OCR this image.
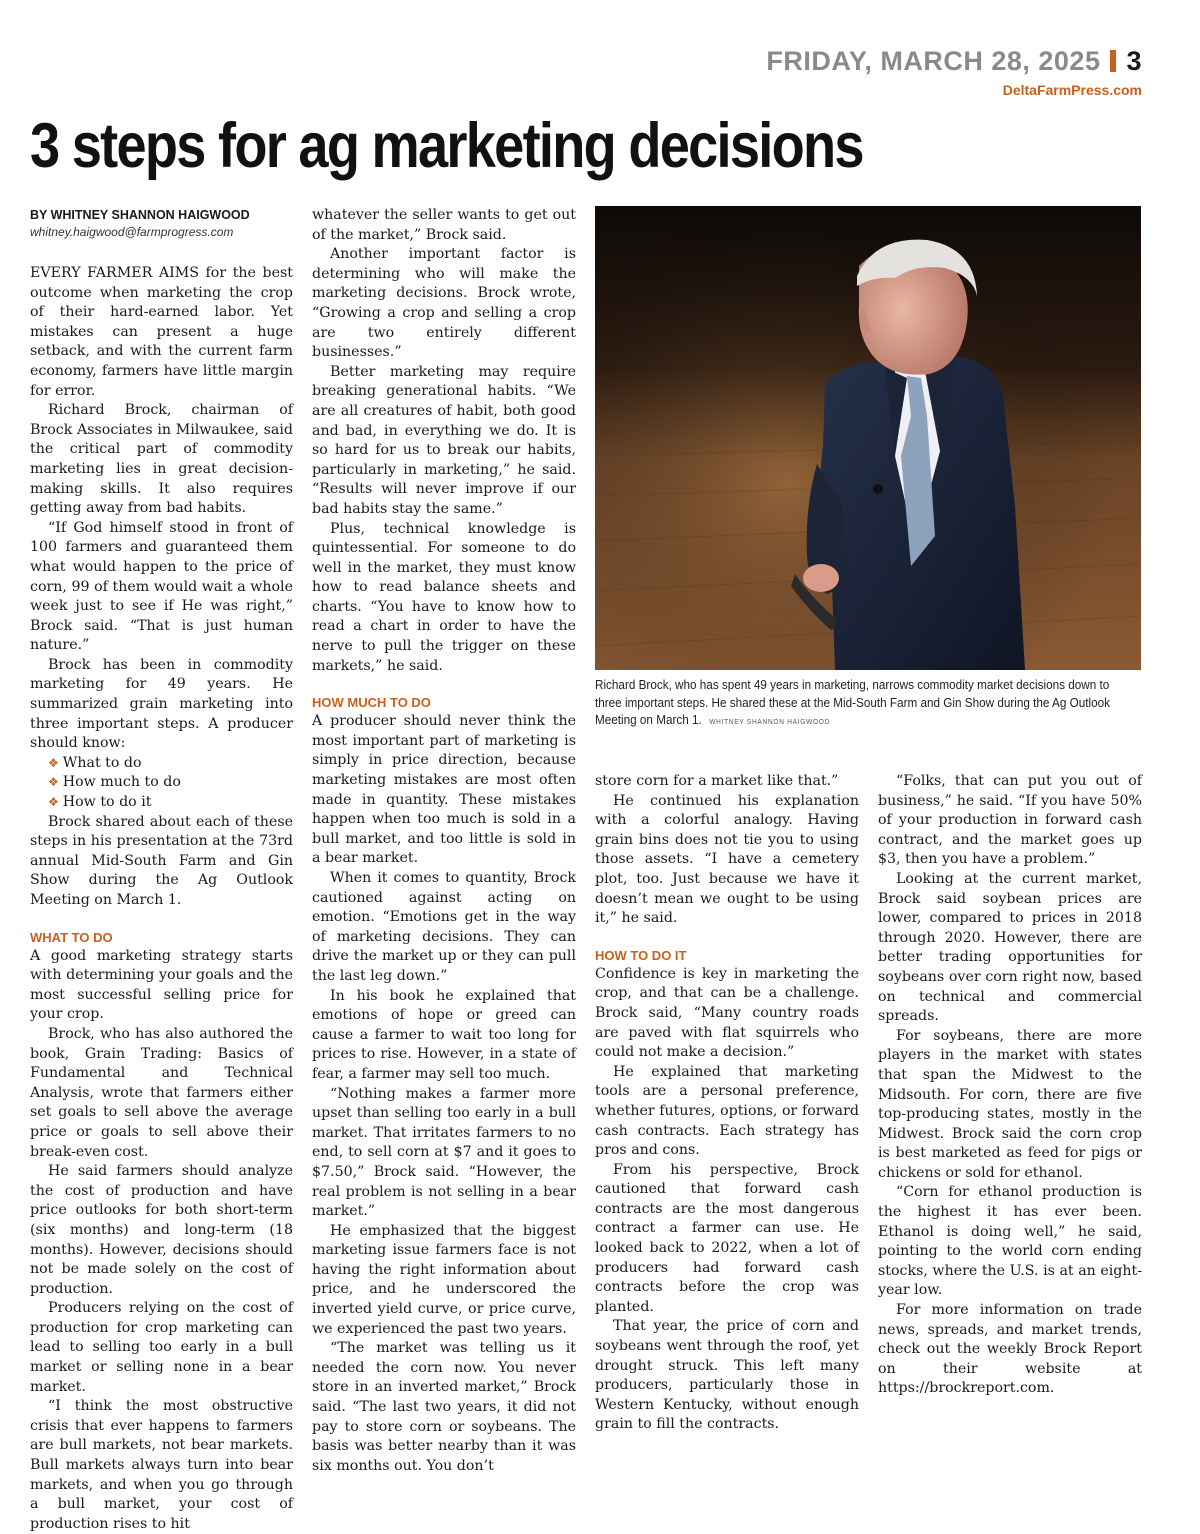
FRIDAY, MARCH 28, 2025 3
DeltaFarmPress.com
3 steps for ag marketing decisions
BY WHITNEY SHANNON HAIGWOOD
whitney.haigwood@farmprogress.com

EVERY FARMER AIMS for the best outcome when marketing the crop of their hard-earned labor. Yet mistakes can present a huge setback, and with the current farm economy, farmers have little margin for error.

Richard Brock, chairman of Brock Associates in Milwaukee, said the critical part of commodity marketing lies in great decision-making skills. It also requires getting away from bad habits.

“If God himself stood in front of 100 farmers and guaranteed them what would happen to the price of corn, 99 of them would wait a whole week just to see if He was right,” Brock said. “That is just human nature.”

Brock has been in commodity marketing for 49 years. He summarized grain marketing into three important steps. A producer should know:

❖ What to do
❖ How much to do
❖ How to do it

Brock shared about each of these steps in his presentation at the 73rd annual Mid-South Farm and Gin Show during the Ag Outlook Meeting on March 1.

WHAT TO DO

A good marketing strategy starts with determining your goals and the most successful selling price for your crop.

Brock, who has also authored the book, Grain Trading: Basics of Fundamental and Technical Analysis, wrote that farmers either set goals to sell above the average price or goals to sell above their break-even cost.

He said farmers should analyze the cost of production and have price outlooks for both short-term (six months) and long-term (18 months). However, decisions should not be made solely on the cost of production.

Producers relying on the cost of production for crop marketing can lead to selling too early in a bull market or selling none in a bear market.

“I think the most obstructive crisis that ever happens to farmers are bull markets, not bear markets. Bull markets always turn into bear markets, and when you go through a bull market, your cost of production rises to hit

whatever the seller wants to get out of the market,” Brock said.

Another important factor is determining who will make the marketing decisions. Brock wrote, “Growing a crop and selling a crop are two entirely different businesses.”

Better marketing may require breaking generational habits. “We are all creatures of habit, both good and bad, in everything we do. It is so hard for us to break our habits, particularly in marketing,” he said. “Results will never improve if our bad habits stay the same.”

Plus, technical knowledge is quintessential. For someone to do well in the market, they must know how to read balance sheets and charts. “You have to know how to read a chart in order to have the nerve to pull the trigger on these markets,” he said.

HOW MUCH TO DO

A producer should never think the most important part of marketing is simply in price direction, because marketing mistakes are most often made in quantity. These mistakes happen when too much is sold in a bull market, and too little is sold in a bear market.

When it comes to quantity, Brock cautioned against acting on emotion. “Emotions get in the way of marketing decisions. They can drive the market up or they can pull the last leg down.”

In his book he explained that emotions of hope or greed can cause a farmer to wait too long for prices to rise. However, in a state of fear, a farmer may sell too much.

“Nothing makes a farmer more upset than selling too early in a bull market. That irritates farmers to no end, to sell corn at $7 and it goes to $7.50,” Brock said. “However, the real problem is not selling in a bear market.”

He emphasized that the biggest marketing issue farmers face is not having the right information about price, and he underscored the inverted yield curve, or price curve, we experienced the past two years.

“The market was telling us it needed the corn now. You never store in an inverted market,” Brock said. “The last two years, it did not pay to store corn or soybeans. The basis was better nearby than it was six months out. You don’t

Richard Brock, who has spent 49 years in marketing, narrows commodity market decisions down to three important steps. He shared these at the Mid-South Farm and Gin Show during the Ag Outlook Meeting on March 1. WHITNEY SHANNON HAIGWOOD

store corn for a market like that.”

He continued his explanation with a colorful analogy. Having grain bins does not tie you to using those assets. “I have a cemetery plot, too. Just because we have it doesn’t mean we ought to be using it,” he said.

HOW TO DO IT

Confidence is key in marketing the crop, and that can be a challenge. Brock said, “Many country roads are paved with flat squirrels who could not make a decision.”

He explained that marketing tools are a personal preference, whether futures, options, or forward cash contracts. Each strategy has pros and cons.

From his perspective, Brock cautioned that forward cash contracts are the most dangerous contract a farmer can use. He looked back to 2022, when a lot of producers had forward cash contracts before the crop was planted.

That year, the price of corn and soybeans went through the roof, yet drought struck. This left many producers, particularly those in Western Kentucky, without enough grain to fill the contracts.

“Folks, that can put you out of business,” he said. “If you have 50% of your production in forward cash contract, and the market goes up $3, then you have a problem.”

Looking at the current market, Brock said soybean prices are lower, compared to prices in 2018 through 2020. However, there are better trading opportunities for soybeans over corn right now, based on technical and commercial spreads.

For soybeans, there are more players in the market with states that span the Midwest to the Midsouth. For corn, there are five top-producing states, mostly in the Midwest. Brock said the corn crop is best marketed as feed for pigs or chickens or sold for ethanol.

“Corn for ethanol production is the highest it has ever been. Ethanol is doing well,” he said, pointing to the world corn ending stocks, where the U.S. is at an eight-year low.

For more information on trade news, spreads, and market trends, check out the weekly Brock Report on their website at https://brockreport.com.
